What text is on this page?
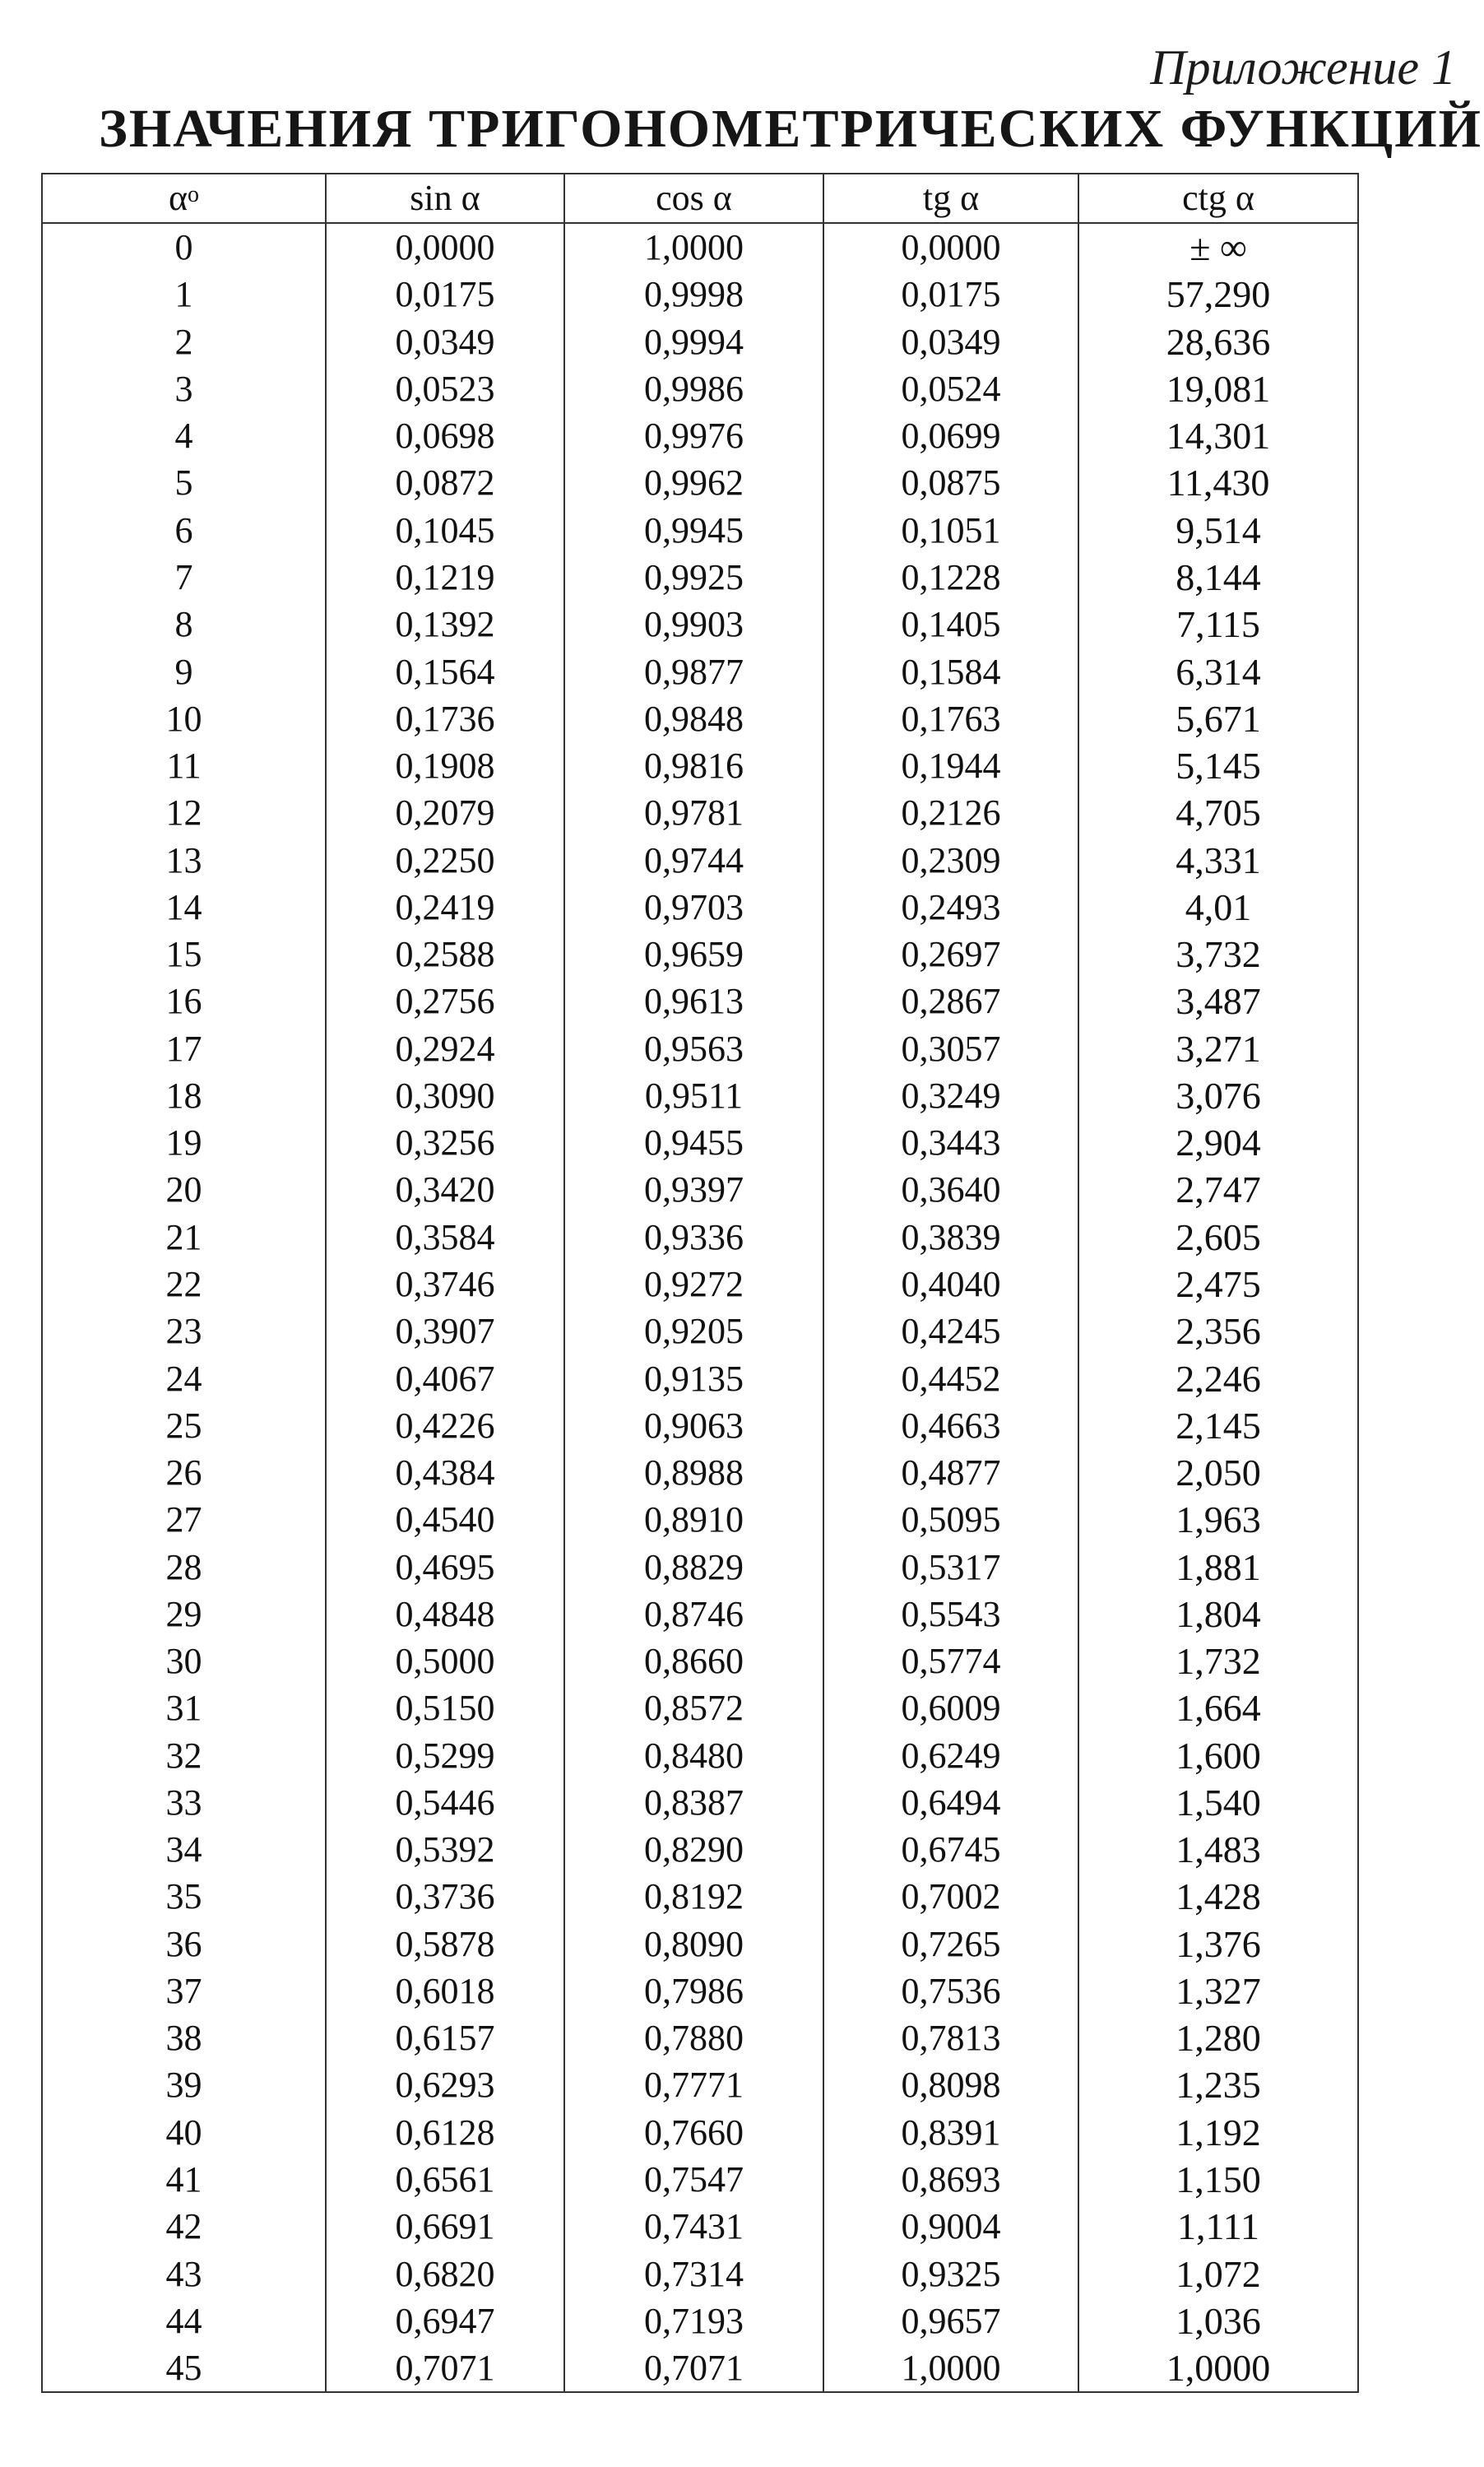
Приложение 1
ЗНАЧЕНИЯ ТРИГОНОМЕТРИЧЕСКИХ ФУНКЦИЙ
$\alpha^o$	sin α	cos α	tg α	ctg α
0	0,0000	1,0000	0,0000	± ∞
1	0,0175	0,9998	0,0175	57,290
2	0,0349	0,9994	0,0349	28,636
3	0,0523	0,9986	0,0524	19,081
4	0,0698	0,9976	0,0699	14,301
5	0,0872	0,9962	0,0875	11,430
6	0,1045	0,9945	0,1051	9,514
7	0,1219	0,9925	0,1228	8,144
8	0,1392	0,9903	0,1405	7,115
9	0,1564	0,9877	0,1584	6,314
10	0,1736	0,9848	0,1763	5,671
11	0,1908	0,9816	0,1944	5,145
12	0,2079	0,9781	0,2126	4,705
13	0,2250	0,9744	0,2309	4,331
14	0,2419	0,9703	0,2493	4,01
15	0,2588	0,9659	0,2697	3,732
16	0,2756	0,9613	0,2867	3,487
17	0,2924	0,9563	0,3057	3,271
18	0,3090	0,9511	0,3249	3,076
19	0,3256	0,9455	0,3443	2,904
20	0,3420	0,9397	0,3640	2,747
21	0,3584	0,9336	0,3839	2,605
22	0,3746	0,9272	0,4040	2,475
23	0,3907	0,9205	0,4245	2,356
24	0,4067	0,9135	0,4452	2,246
25	0,4226	0,9063	0,4663	2,145
26	0,4384	0,8988	0,4877	2,050
27	0,4540	0,8910	0,5095	1,963
28	0,4695	0,8829	0,5317	1,881
29	0,4848	0,8746	0,5543	1,804
30	0,5000	0,8660	0,5774	1,732
31	0,5150	0,8572	0,6009	1,664
32	0,5299	0,8480	0,6249	1,600
33	0,5446	0,8387	0,6494	1,540
34	0,5392	0,8290	0,6745	1,483
35	0,3736	0,8192	0,7002	1,428
36	0,5878	0,8090	0,7265	1,376
37	0,6018	0,7986	0,7536	1,327
38	0,6157	0,7880	0,7813	1,280
39	0,6293	0,7771	0,8098	1,235
40	0,6128	0,7660	0,8391	1,192
41	0,6561	0,7547	0,8693	1,150
42	0,6691	0,7431	0,9004	1,111
43	0,6820	0,7314	0,9325	1,072
44	0,6947	0,7193	0,9657	1,036
45	0,7071	0,7071	1,0000	1,0000
